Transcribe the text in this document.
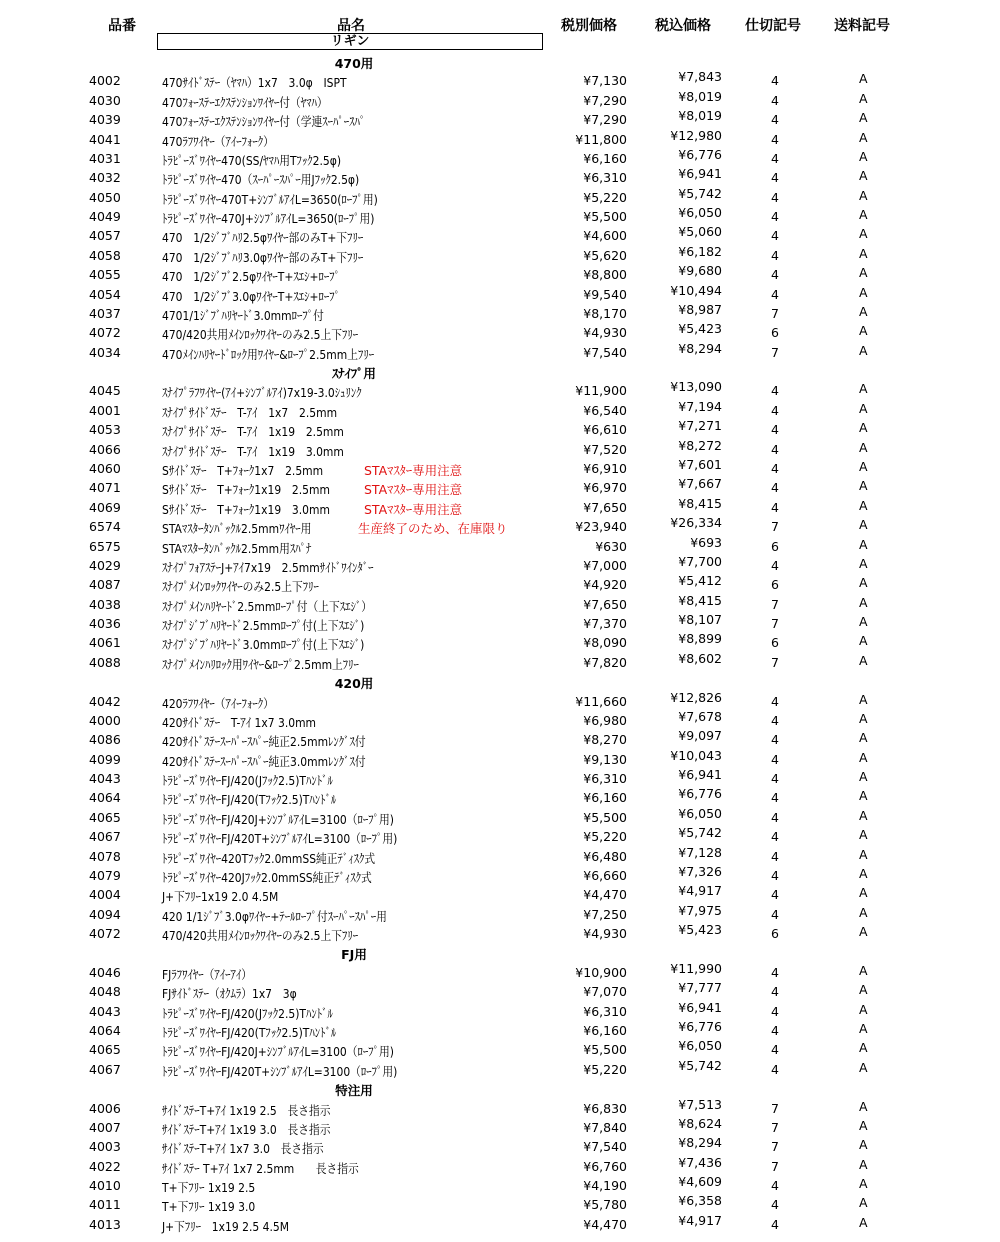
品番	品名	税別価格	税込価格 仕切記号 送料記号
リギン
470用
4002	470ｻｲﾄﾞｽﾃｰ（ﾔﾏﾊ）1x7　3.0φ　ISPT	¥7,130	¥7,843	4	A
4030	470ﾌｫｰｽﾃｰｴｸｽﾃﾝｼｮﾝﾜｲﾔｰ付（ﾔﾏﾊ）	¥7,290	¥8,019	4	A
4039	470ﾌｫｰｽﾃｰｴｸｽﾃﾝｼｮﾝﾜｲﾔｰ付（学連ｽｰﾊﾟｰｽﾊﾟ	¥7,290	¥8,019	4	A
4041	470ﾗﾌﾜｲﾔｰ（ｱｲｰﾌｫｰｸ）	¥11,800	¥12,980	4	A
4031	ﾄﾗﾋﾟｰｽﾞﾜｲﾔｰ470(SS/ﾔﾏﾊ用Tﾌｯｸ2.5φ)	¥6,160	¥6,776	4	A
4032	ﾄﾗﾋﾟｰｽﾞﾜｲﾔｰ470（ｽｰﾊﾟｰｽﾊﾟｰ用Jﾌｯｸ2.5φ)	¥6,310	¥6,941	4	A
4050	ﾄﾗﾋﾟｰｽﾞﾜｲﾔｰ470T+ｼﾝﾌﾞﾙｱｲL=3650(ﾛｰﾌﾟ用)	¥5,220	¥5,742	4	A
4049	ﾄﾗﾋﾟｰｽﾞﾜｲﾔｰ470J+ｼﾝﾌﾞﾙｱｲL=3650(ﾛｰﾌﾟ用)	¥5,500	¥6,050	4	A
4057	470　1/2ｼﾞﾌﾞﾊﾘ2.5φﾜｲﾔｰ部のみT+下ﾌﾘｰ	¥4,600	¥5,060	4	A
4058	470　1/2ｼﾞﾌﾞﾊﾘ3.0φﾜｲﾔｰ部のみT+下ﾌﾘｰ	¥5,620	¥6,182	4	A
4055	470　1/2ｼﾞﾌﾞ2.5φﾜｲﾔｰT+ｽｴｼ+ﾛｰﾌﾟ	¥8,800	¥9,680	4	A
4054	470　1/2ｼﾞﾌﾞ3.0φﾜｲﾔｰT+ｽｴｼ+ﾛｰﾌﾟ	¥9,540	¥10,494	4	A
4037	4701/1ｼﾞﾌﾞﾊﾘﾔｰﾄﾞ3.0mmﾛｰﾌﾟ付	¥8,170	¥8,987	7	A
4072	470/420共用ﾒｲﾝﾛｯｸﾜｲﾔｰのみ2.5上下ﾌﾘｰ	¥4,930	¥5,423	6	A
4034	470ﾒｲﾝﾊﾘﾔｰﾄﾞﾛｯｸ用ﾜｲﾔｰ&ﾛｰﾌﾟ2.5mm上ﾌﾘｰ	¥7,540	¥8,294	7	A
ｽﾅｲﾌﾟ用
4045	ｽﾅｲﾌﾟﾗﾌﾜｲﾔｰ(ｱｲ+ｼﾝﾌﾞﾙｱｲ)7x19-3.0ｼｭﾘﾝｸ	¥11,900	¥13,090	4	A
4001	ｽﾅｲﾌﾟｻｲﾄﾞｽﾃｰ　T-ｱｲ　1x7　2.5mm	¥6,540	¥7,194	4	A
4053	ｽﾅｲﾌﾟｻｲﾄﾞｽﾃｰ　T-ｱｲ　1x19　2.5mm	¥6,610	¥7,271	4	A
4066	ｽﾅｲﾌﾟｻｲﾄﾞｽﾃｰ　T-ｱｲ　1x19　3.0mm	¥7,520	¥8,272	4	A
4060	Sｻｲﾄﾞｽﾃｰ　T+ﾌｫｰｸ1x7　2.5mm	STAﾏｽﾀｰ専用注意	¥6,910	¥7,601	4	A
4071	Sｻｲﾄﾞｽﾃｰ　T+ﾌｫｰｸ1x19　2.5mm	STAﾏｽﾀｰ専用注意	¥6,970	¥7,667	4	A
4069	Sｻｲﾄﾞｽﾃｰ　T+ﾌｫｰｸ1x19　3.0mm	STAﾏｽﾀｰ専用注意	¥7,650	¥8,415	4	A
6574	STAﾏｽﾀｰﾀﾝﾊﾞｯｸﾙ2.5mmﾜｲﾔｰ用	生産終了のため、在庫限り	¥23,940	¥26,334	7	A
6575	STAﾏｽﾀｰﾀﾝﾊﾞｯｸﾙ2.5mm用ｽﾊﾟﾅ	¥630	¥693	6	A
4029	ｽﾅｲﾌﾟﾌｫｱｽﾃｰJ+ｱｲ7x19　2.5mmｻｲﾄﾞﾜｲﾝﾀﾞｰ	¥7,000	¥7,700	4	A
4087	ｽﾅｲﾌﾟﾒｲﾝﾛｯｸﾜｲﾔｰのみ2.5上下ﾌﾘｰ	¥4,920	¥5,412	6	A
4038	ｽﾅｲﾌﾟﾒｲﾝﾊﾘﾔｰﾄﾞ2.5mmﾛｰﾌﾟ付（上下ｽｴｼﾞ）	¥7,650	¥8,415	7	A
4036	ｽﾅｲﾌﾟｼﾞﾌﾞﾊﾘﾔｰﾄﾞ2.5mmﾛｰﾌﾟ付(上下ｽｴｼﾞ)	¥7,370	¥8,107	7	A
4061	ｽﾅｲﾌﾟｼﾞﾌﾞﾊﾘﾔｰﾄﾞ3.0mmﾛｰﾌﾟ付(上下ｽｴｼﾞ)	¥8,090	¥8,899	6	A
4088	ｽﾅｲﾌﾟﾒｲﾝﾊﾘﾛｯｸ用ﾜｲﾔｰ&ﾛｰﾌﾟ2.5mm上ﾌﾘｰ	¥7,820	¥8,602	7	A
420用
4042	420ﾗﾌﾜｲﾔｰ（ｱｲｰﾌｫｰｸ）	¥11,660	¥12,826	4	A
4000	420ｻｲﾄﾞｽﾃｰ　T-ｱｲ 1x7 3.0mm	¥6,980	¥7,678	4	A
4086	420ｻｲﾄﾞｽﾃｰｽｰﾊﾟｰｽﾊﾟｰ純正2.5mmﾚﾝｸﾞｽ付	¥8,270	¥9,097	4	A
4099	420ｻｲﾄﾞｽﾃｰｽｰﾊﾟｰｽﾊﾟｰ純正3.0mmﾚﾝｸﾞｽ付	¥9,130	¥10,043	4	A
4043	ﾄﾗﾋﾟｰｽﾞﾜｲﾔｰFJ/420(Jﾌｯｸ2.5)Tﾊﾝﾄﾞﾙ	¥6,310	¥6,941	4	A
4064	ﾄﾗﾋﾟｰｽﾞﾜｲﾔｰFJ/420(Tﾌｯｸ2.5)Tﾊﾝﾄﾞﾙ	¥6,160	¥6,776	4	A
4065	ﾄﾗﾋﾟｰｽﾞﾜｲﾔｰFJ/420J+ｼﾝﾌﾞﾙｱｲL=3100（ﾛｰﾌﾟ用)	¥5,500	¥6,050	4	A
4067	ﾄﾗﾋﾟｰｽﾞﾜｲﾔｰFJ/420T+ｼﾝﾌﾞﾙｱｲL=3100（ﾛｰﾌﾟ用)	¥5,220	¥5,742	4	A
4078	ﾄﾗﾋﾟｰｽﾞﾜｲﾔｰ420Tﾌｯｸ2.0mmSS純正ﾃﾞｨｽｸ式	¥6,480	¥7,128	4	A
4079	ﾄﾗﾋﾟｰｽﾞﾜｲﾔｰ420Jﾌｯｸ2.0mmSS純正ﾃﾞｨｽｸ式	¥6,660	¥7,326	4	A
4004	J+下ﾌﾘｰ1x19 2.0 4.5M	¥4,470	¥4,917	4	A
4094	420 1/1ｼﾞﾌﾞ3.0φﾜｲﾔｰ+ﾃｰﾙﾛｰﾌﾟ付ｽｰﾊﾟｰｽﾊﾟｰ用	¥7,250	¥7,975	4	A
4072	470/420共用ﾒｲﾝﾛｯｸﾜｲﾔｰのみ2.5上下ﾌﾘｰ	¥4,930	¥5,423	6	A
FJ用
4046	FJﾗﾌﾜｲﾔｰ（ｱｲｰｱｲ）	¥10,900	¥11,990	4	A
4048	FJｻｲﾄﾞｽﾃｰ（ｵｸﾑﾗ）1x7　3φ	¥7,070	¥7,777	4	A
4043	ﾄﾗﾋﾟｰｽﾞﾜｲﾔｰFJ/420(Jﾌｯｸ2.5)Tﾊﾝﾄﾞﾙ	¥6,310	¥6,941	4	A
4064	ﾄﾗﾋﾟｰｽﾞﾜｲﾔｰFJ/420(Tﾌｯｸ2.5)Tﾊﾝﾄﾞﾙ	¥6,160	¥6,776	4	A
4065	ﾄﾗﾋﾟｰｽﾞﾜｲﾔｰFJ/420J+ｼﾝﾌﾞﾙｱｲL=3100（ﾛｰﾌﾟ用)	¥5,500	¥6,050	4	A
4067	ﾄﾗﾋﾟｰｽﾞﾜｲﾔｰFJ/420T+ｼﾝﾌﾞﾙｱｲL=3100（ﾛｰﾌﾟ用)	¥5,220	¥5,742	4	A
特注用
4006	ｻｲﾄﾞｽﾃｰT+ｱｲ 1x19 2.5　長さ指示	¥6,830	¥7,513	7	A
4007	ｻｲﾄﾞｽﾃｰT+ｱｲ 1x19 3.0　長さ指示	¥7,840	¥8,624	7	A
4003	ｻｲﾄﾞｽﾃｰT+ｱｲ 1x7 3.0　長さ指示	¥7,540	¥8,294	7	A
4022	ｻｲﾄﾞｽﾃｰ T+ｱｲ 1x7 2.5mm　　長さ指示	¥6,760	¥7,436	7	A
4010	T+下ﾌﾘｰ 1x19 2.5	¥4,190	¥4,609	4	A
4011	T+下ﾌﾘｰ 1x19 3.0	¥5,780	¥6,358	4	A
4013	J+下ﾌﾘｰ　1x19 2.5 4.5M	¥4,470	¥4,917	4	A
